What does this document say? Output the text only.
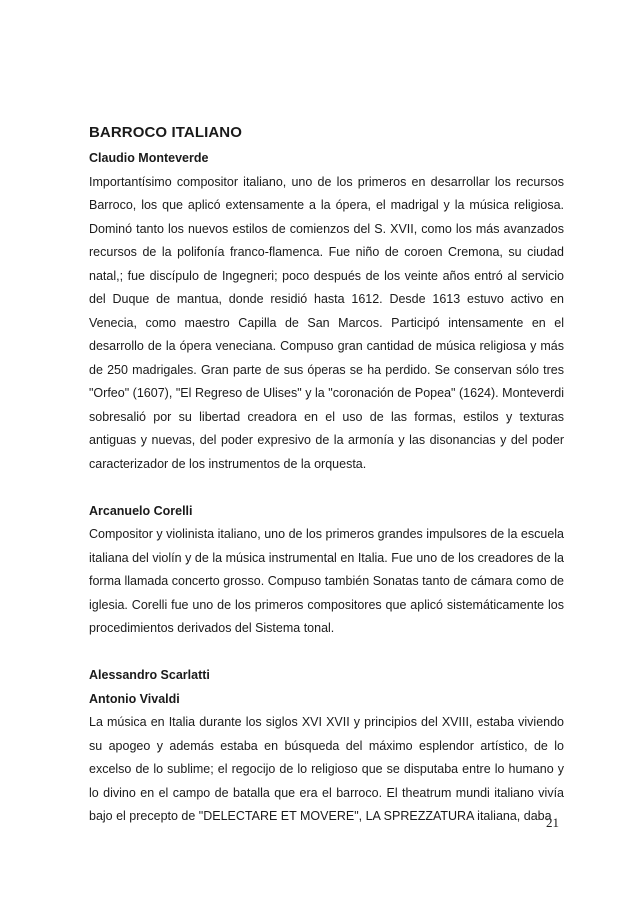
BARROCO ITALIANO
Claudio Monteverde

Importantísimo compositor italiano, uno de los primeros en desarrollar los recursos Barroco, los que aplicó extensamente a la ópera, el madrigal y la música religiosa. Dominó tanto los nuevos estilos de comienzos del S. XVII, como los más avanzados recursos de la polifonía franco-flamenca. Fue niño de coroen Cremona, su ciudad natal,; fue discípulo de Ingegneri; poco después de los veinte años entró al servicio del Duque de mantua, donde residió hasta 1612. Desde 1613 estuvo activo en Venecia, como maestro Capilla de San Marcos. Participó intensamente en el desarrollo de la ópera veneciana. Compuso gran cantidad de música religiosa y más de 250 madrigales. Gran parte de sus óperas se ha perdido. Se conservan sólo tres "Orfeo" (1607), "El Regreso de Ulises" y la "coronación de Popea" (1624). Monteverdi sobresalió por su libertad creadora en el uso de las formas, estilos y texturas antiguas y nuevas, del poder expresivo de la armonía y las disonancias y del poder caracterizador de los instrumentos de la orquesta.

Arcanuelo Corelli

Compositor y violinista italiano, uno de los primeros grandes impulsores de la escuela italiana del violín y de la música instrumental en Italia. Fue uno de los creadores de la forma llamada concerto grosso. Compuso también Sonatas tanto de cámara como de iglesia. Corelli fue uno de los primeros compositores que aplicó sistemáticamente los procedimientos derivados del Sistema tonal.

Alessandro Scarlatti
Antonio Vivaldi

La música en Italia durante los siglos XVI XVII y principios del XVIII, estaba viviendo su apogeo y además estaba en búsqueda del máximo esplendor artístico, de lo excelso de lo sublime; el regocijo de lo religioso que se disputaba entre lo humano y lo divino en el campo de batalla que era el barroco. El theatrum mundi italiano vivía bajo el precepto de "DELECTARE ET MOVERE", LA SPREZZATURA italiana, daba

21
